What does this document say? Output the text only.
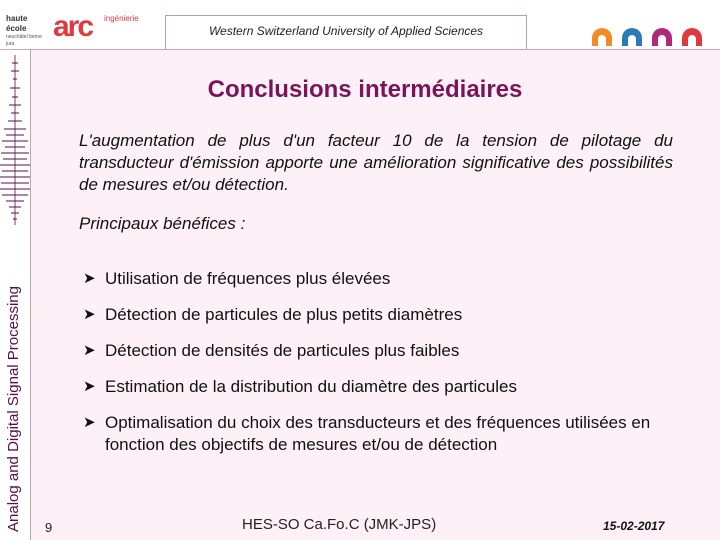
haute école
neuchâtel berne jura
arc ingénierie
Western Switzerland University of Applied Sciences
Analog and Digital Signal Processing
Conclusions intermédiaires
L'augmentation de plus d'un facteur 10 de la tension de pilotage du transducteur d'émission apporte une amélioration significative des possibilités de mesures et/ou détection.
Principaux bénéfices :
➤ Utilisation de fréquences plus élevées
➤ Détection de particules de plus petits diamètres
➤ Détection de densités de particules plus faibles
➤ Estimation de la distribution du diamètre des particules
➤ Optimalisation du choix des transducteurs et des fréquences utilisées en fonction des objectifs de mesures et/ou de détection
9	HES-SO Ca.Fo.C (JMK-JPS)	15-02-2017
